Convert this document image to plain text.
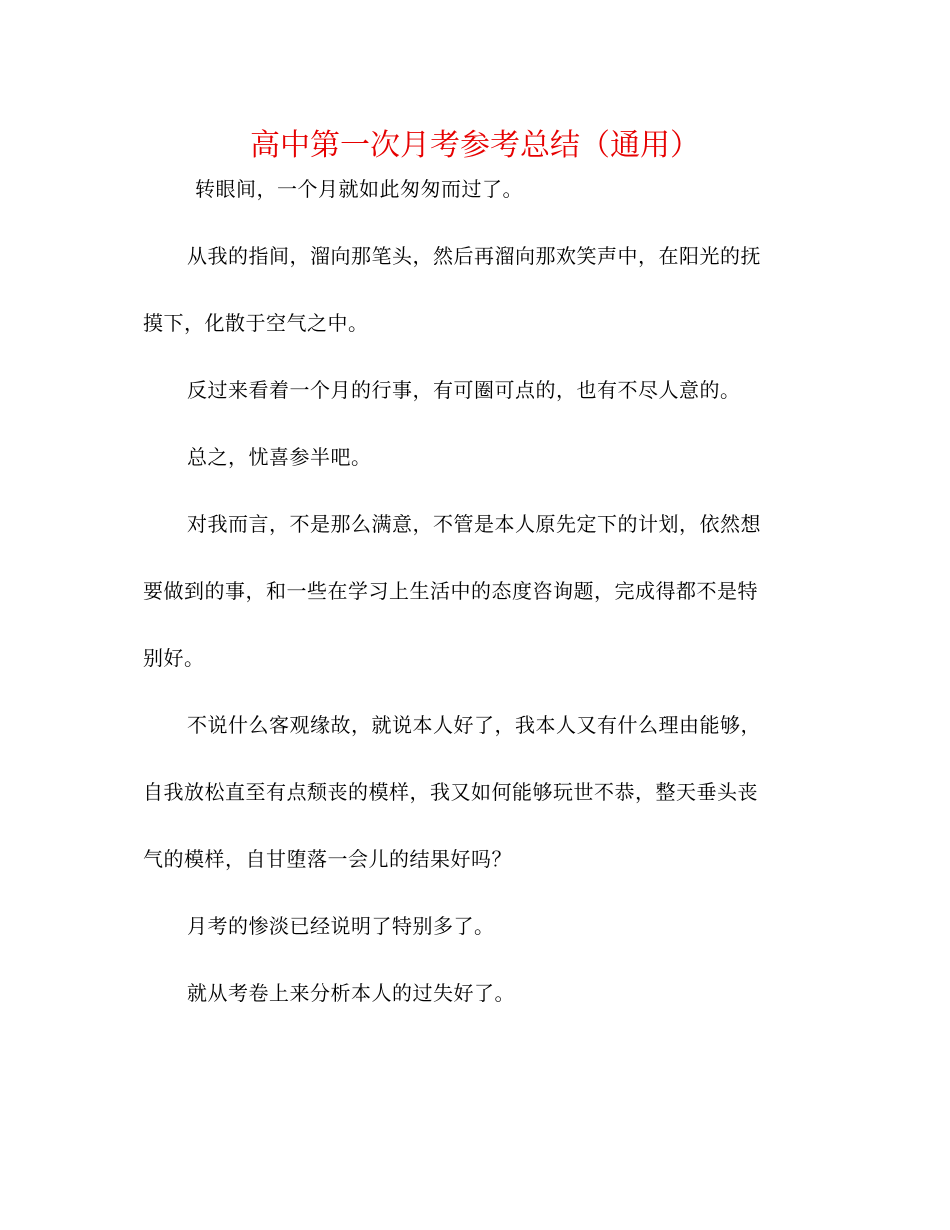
高中第一次月考参考总结（通用）

转眼间，一个月就如此匆匆而过了。

从我的指间，溜向那笔头，然后再溜向那欢笑声中，在阳光的抚
摸下，化散于空气之中。

反过来看着一个月的行事，有可圈可点的，也有不尽人意的。

总之，忧喜参半吧。

对我而言，不是那么满意，不管是本人原先定下的计划，依然想
要做到的事，和一些在学习上生活中的态度咨询题，完成得都不是特
别好。

不说什么客观缘故，就说本人好了，我本人又有什么理由能够，
自我放松直至有点颓丧的模样，我又如何能够玩世不恭，整天垂头丧
气的模样，自甘堕落一会儿的结果好吗？

月考的惨淡已经说明了特别多了。

就从考卷上来分析本人的过失好了。
